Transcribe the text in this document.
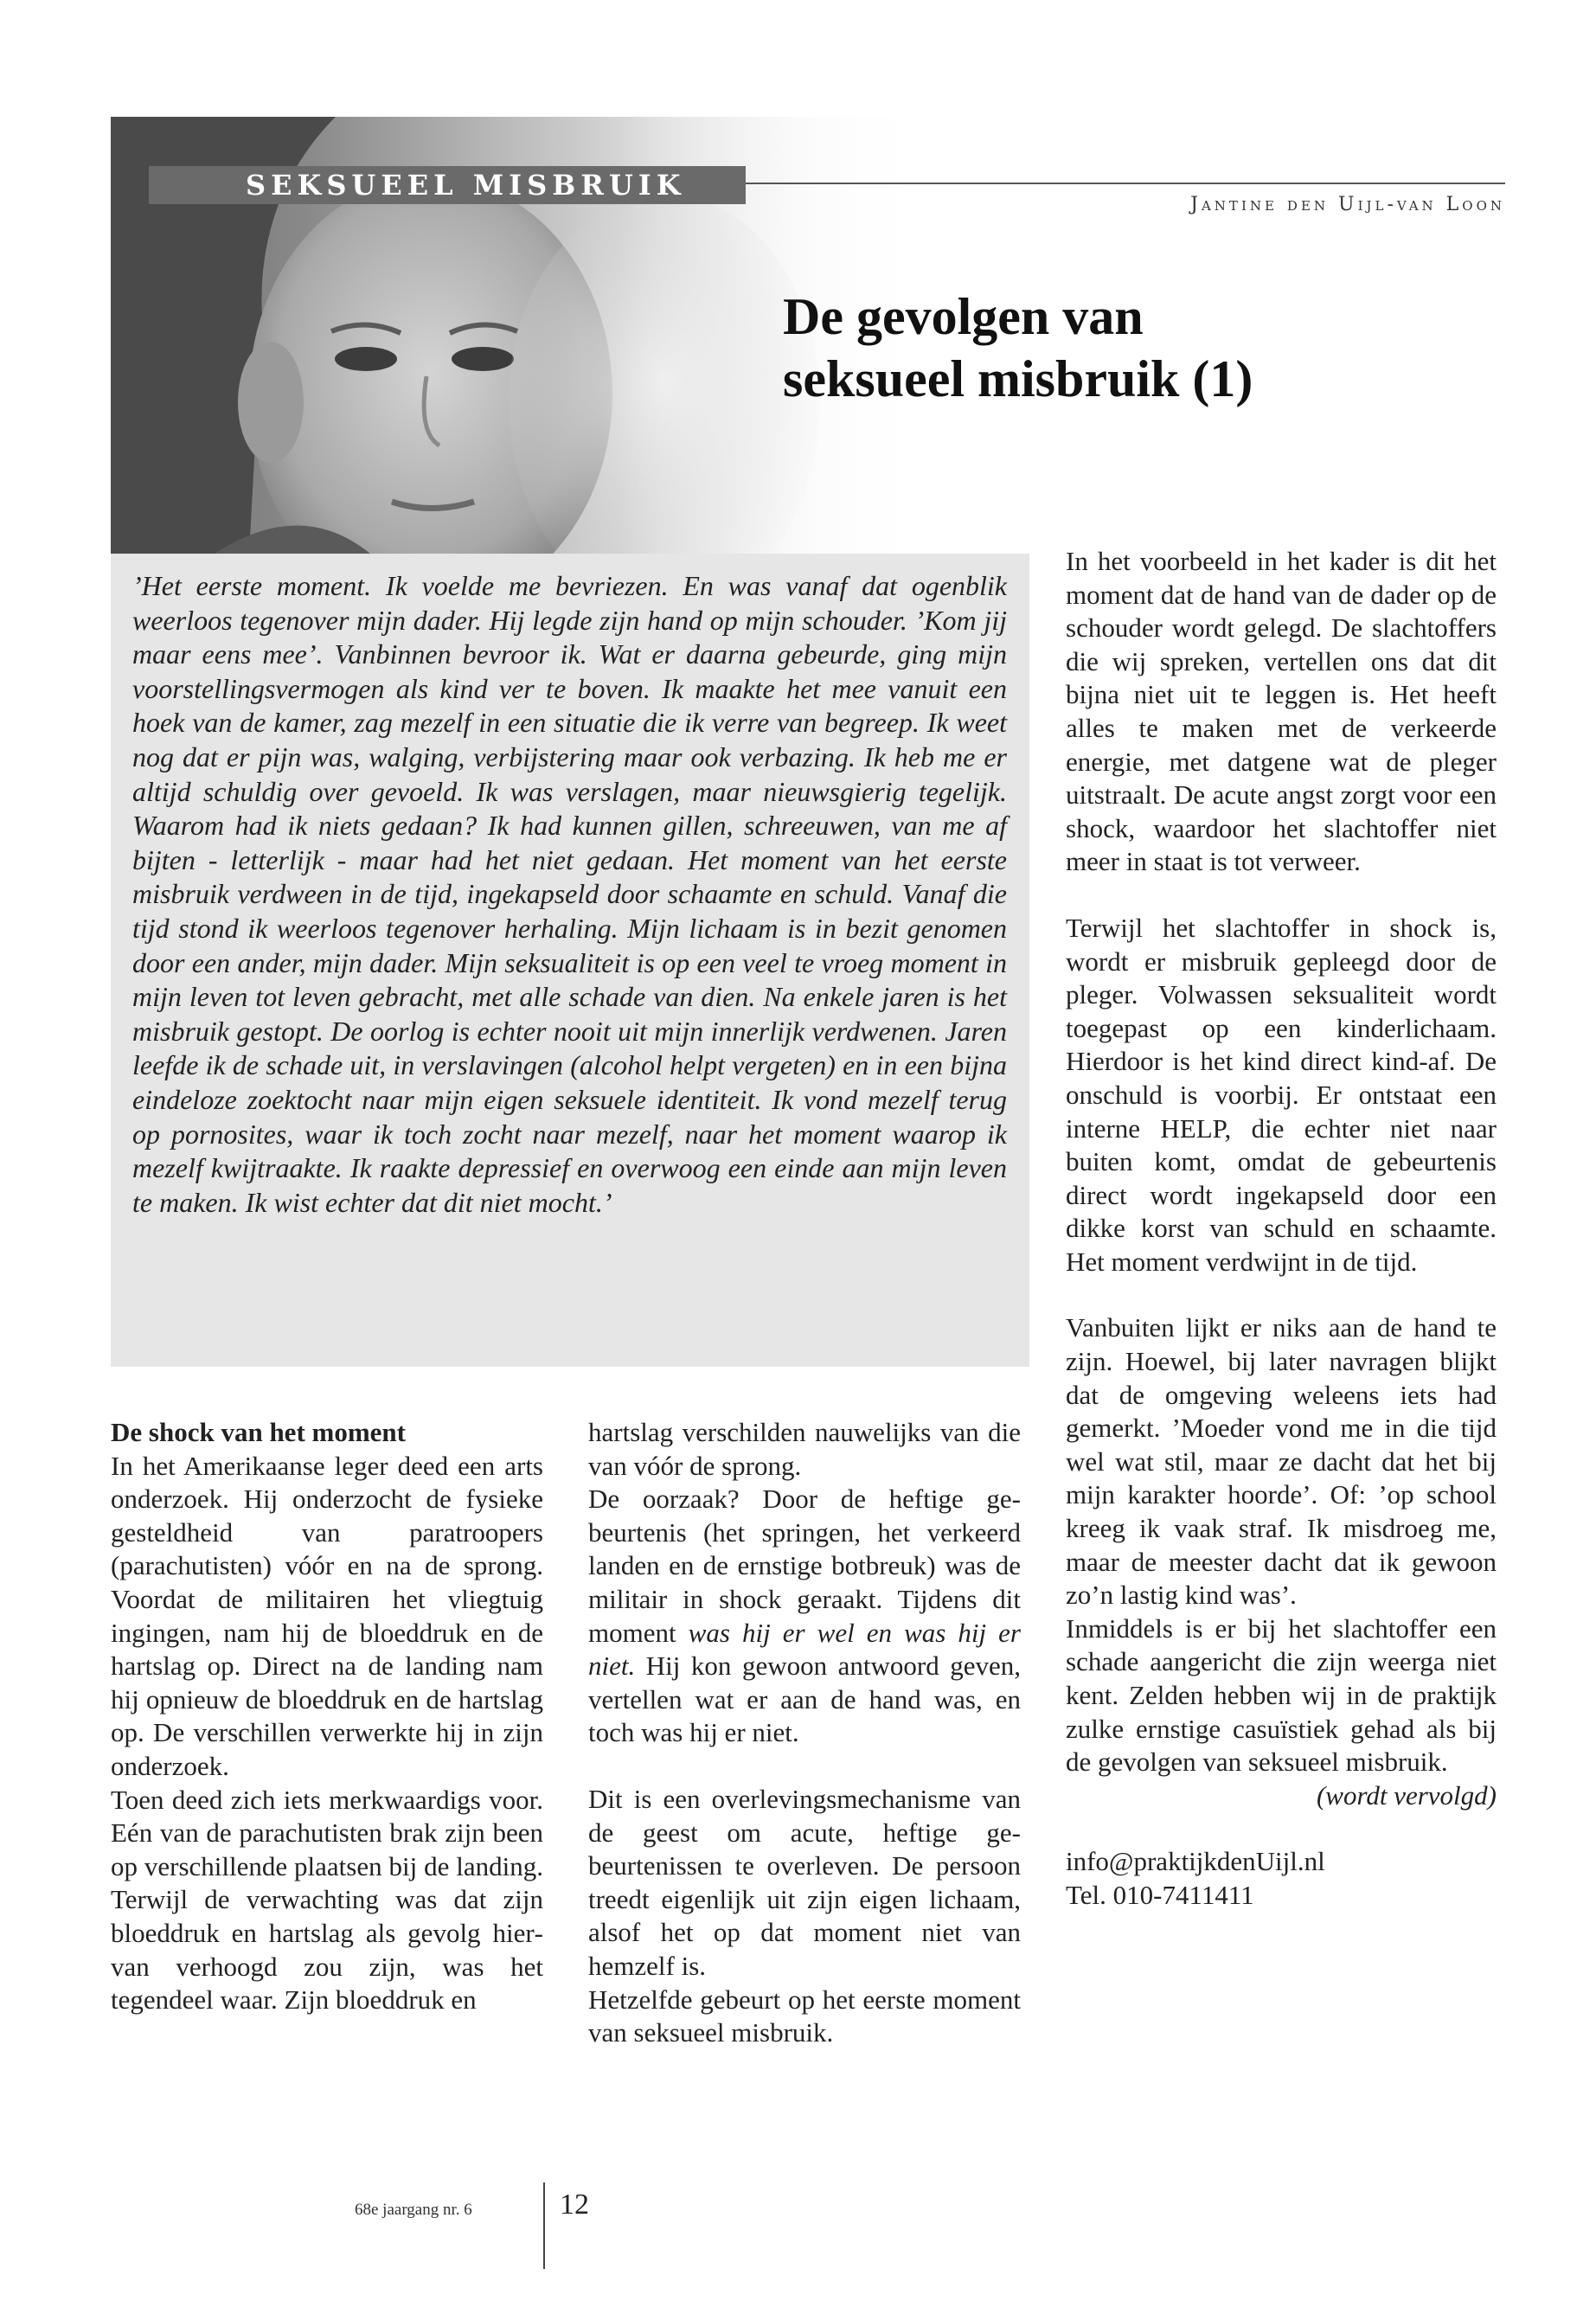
SEKSUEEL MISBRUIK
Jantine den Uijl-van Loon
De gevolgen van
seksueel misbruik (1)

’Het eerste moment. Ik voelde me bevriezen. En was vanaf dat ogenblik weerloos tegenover mijn dader. Hij legde zijn hand op mijn schouder. ’Kom jij maar eens mee’. Vanbinnen bevroor ik. Wat er daarna gebeurde, ging mijn voorstellingsvermogen als kind ver te boven. Ik maakte het mee vanuit een hoek van de kamer, zag mezelf in een situatie die ik verre van begreep. Ik weet nog dat er pijn was, walging, verbijstering maar ook verbazing. Ik heb me er altijd schuldig over gevoeld. Ik was verslagen, maar nieuwsgierig tegelijk. Waarom had ik niets gedaan? Ik had kunnen gillen, schreeuwen, van me af bijten - letterlijk - maar had het niet gedaan. Het moment van het eerste misbruik verdween in de tijd, ingekapseld door schaamte en schuld. Vanaf die tijd stond ik weerloos tegenover herhaling. Mijn lichaam is in bezit genomen door een ander, mijn dader. Mijn seksualiteit is op een veel te vroeg moment in mijn leven tot leven gebracht, met alle schade van dien. Na enkele jaren is het misbruik gestopt. De oorlog is echter nooit uit mijn innerlijk verdwenen. Jaren leefde ik de schade uit, in verslavingen (alcohol helpt vergeten) en in een bijna eindeloze zoektocht naar mijn eigen seksuele identiteit. Ik vond mezelf terug op pornosites, waar ik toch zocht naar mezelf, naar het moment waarop ik mezelf kwijtraakte. Ik raakte depressief en overwoog een einde aan mijn leven te maken. Ik wist echter dat dit niet mocht.’

De shock van het moment

In het Amerikaanse leger deed een arts onderzoek. Hij onderzocht de fysieke gesteldheid van paratroopers (parachutisten) vóór en na de sprong. Voordat de militairen het vliegtuig ingingen, nam hij de bloeddruk en de hartslag op. Direct na de landing nam hij opnieuw de bloeddruk en de hartslag op. De verschillen verwerkte hij in zijn onderzoek.

Toen deed zich iets merkwaardigs voor. Eén van de parachutisten brak zijn been op verschillende plaatsen bij de landing. Terwijl de verwachting was dat zijn bloeddruk en hartslag als gevolg hiervan verhoogd zou zijn, was het tegendeel waar. Zijn bloeddruk en

hartslag verschilden nauwelijks van die van vóór de sprong.

De oorzaak? Door de heftige gebeurtenis (het springen, het verkeerd landen en de ernstige botbreuk) was de militair in shock geraakt. Tijdens dit moment was hij er wel en was hij er niet. Hij kon gewoon antwoord geven, vertellen wat er aan de hand was, en toch was hij er niet.

Dit is een overlevingsmechanisme van de geest om acute, heftige gebeurtenissen te overleven. De persoon treedt eigenlijk uit zijn eigen lichaam, alsof het op dat moment niet van hemzelf is.

Hetzelfde gebeurt op het eerste moment van seksueel misbruik.

In het voorbeeld in het kader is dit het moment dat de hand van de dader op de schouder wordt gelegd. De slachtoffers die wij spreken, vertellen ons dat dit bijna niet uit te leggen is. Het heeft alles te maken met de verkeerde energie, met datgene wat de pleger uitstraalt. De acute angst zorgt voor een shock, waardoor het slachtoffer niet meer in staat is tot verweer.

Terwijl het slachtoffer in shock is, wordt er misbruik gepleegd door de pleger. Volwassen seksualiteit wordt toegepast op een kinderlichaam. Hierdoor is het kind direct kind-af. De onschuld is voorbij. Er ontstaat een interne HELP, die echter niet naar buiten komt, omdat de gebeurtenis direct wordt ingekapseld door een dikke korst van schuld en schaamte. Het moment verdwijnt in de tijd.

Vanbuiten lijkt er niks aan de hand te zijn. Hoewel, bij later navragen blijkt dat de omgeving weleens iets had gemerkt. ’Moeder vond me in die tijd wel wat stil, maar ze dacht dat het bij mijn karakter hoorde’. Of: ’op school kreeg ik vaak straf. Ik misdroeg me, maar de meester dacht dat ik gewoon zo’n lastig kind was’.

Inmiddels is er bij het slachtoffer een schade aangericht die zijn weerga niet kent. Zelden hebben wij in de praktijk zulke ernstige casuïstiek gehad als bij de gevolgen van seksueel misbruik.

(wordt vervolgd)

info@praktijkdenUijl.nl

Tel. 010-7411411

68e jaargang nr. 6	12
